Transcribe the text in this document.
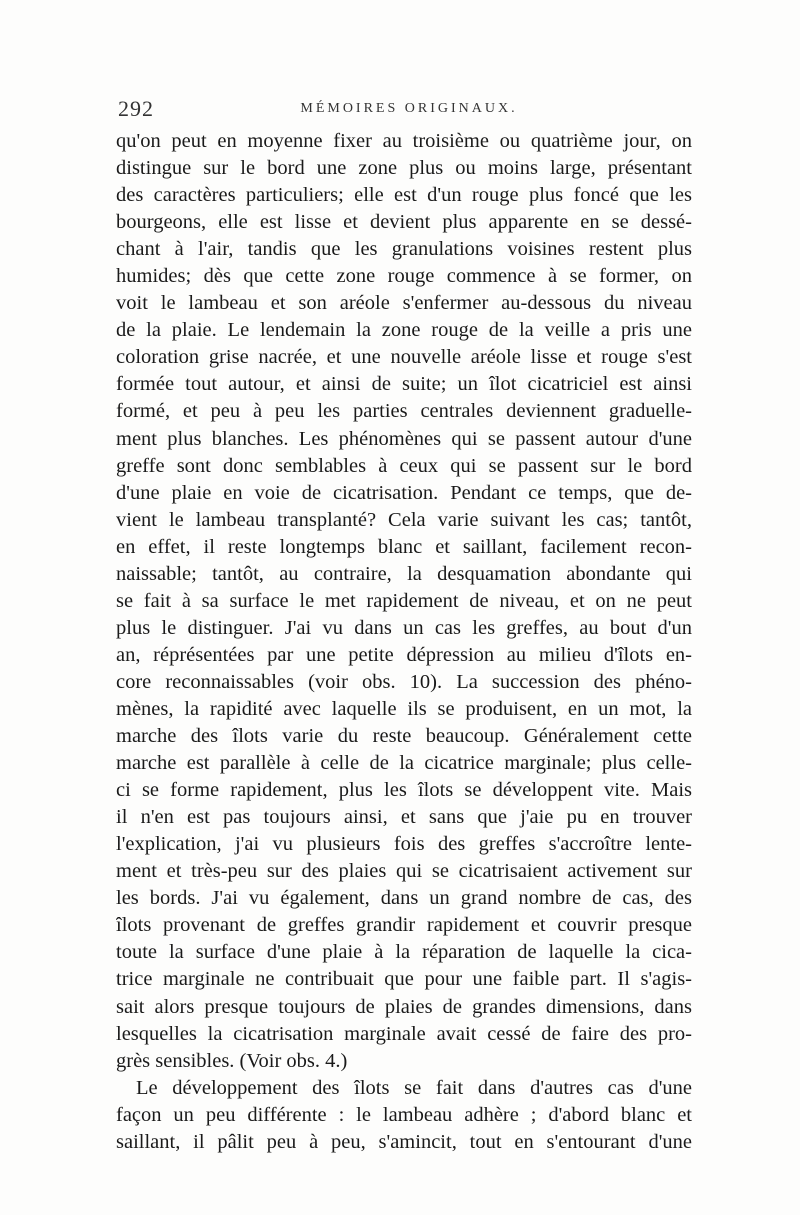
292	MÉMOIRES ORIGINAUX.
qu'on peut en moyenne fixer au troisième ou quatrième jour, on
distingue sur le bord une zone plus ou moins large, présentant
des caractères particuliers; elle est d'un rouge plus foncé que les
bourgeons, elle est lisse et devient plus apparente en se dessé-
chant à l'air, tandis que les granulations voisines restent plus
humides; dès que cette zone rouge commence à se former, on
voit le lambeau et son aréole s'enfermer au-dessous du niveau
de la plaie. Le lendemain la zone rouge de la veille a pris une
coloration grise nacrée, et une nouvelle aréole lisse et rouge s'est
formée tout autour, et ainsi de suite; un îlot cicatriciel est ainsi
formé, et peu à peu les parties centrales deviennent graduelle-
ment plus blanches. Les phénomènes qui se passent autour d'une
greffe sont donc semblables à ceux qui se passent sur le bord
d'une plaie en voie de cicatrisation. Pendant ce temps, que de-
vient le lambeau transplanté? Cela varie suivant les cas; tantôt,
en effet, il reste longtemps blanc et saillant, facilement recon-
naissable; tantôt, au contraire, la desquamation abondante qui
se fait à sa surface le met rapidement de niveau, et on ne peut
plus le distinguer. J'ai vu dans un cas les greffes, au bout d'un
an, réprésentées par une petite dépression au milieu d'îlots en-
core reconnaissables (voir obs. 10). La succession des phéno-
mènes, la rapidité avec laquelle ils se produisent, en un mot, la
marche des îlots varie du reste beaucoup. Généralement cette
marche est parallèle à celle de la cicatrice marginale; plus celle-
ci se forme rapidement, plus les îlots se développent vite. Mais
il n'en est pas toujours ainsi, et sans que j'aie pu en trouver
l'explication, j'ai vu plusieurs fois des greffes s'accroître lente-
ment et très-peu sur des plaies qui se cicatrisaient activement sur
les bords. J'ai vu également, dans un grand nombre de cas, des
îlots provenant de greffes grandir rapidement et couvrir presque
toute la surface d'une plaie à la réparation de laquelle la cica-
trice marginale ne contribuait que pour une faible part. Il s'agis-
sait alors presque toujours de plaies de grandes dimensions, dans
lesquelles la cicatrisation marginale avait cessé de faire des pro-
grès sensibles. (Voir obs. 4.)
Le développement des îlots se fait dans d'autres cas d'une
façon un peu différente : le lambeau adhère ; d'abord blanc et
saillant, il pâlit peu à peu, s'amincit, tout en s'entourant d'une
